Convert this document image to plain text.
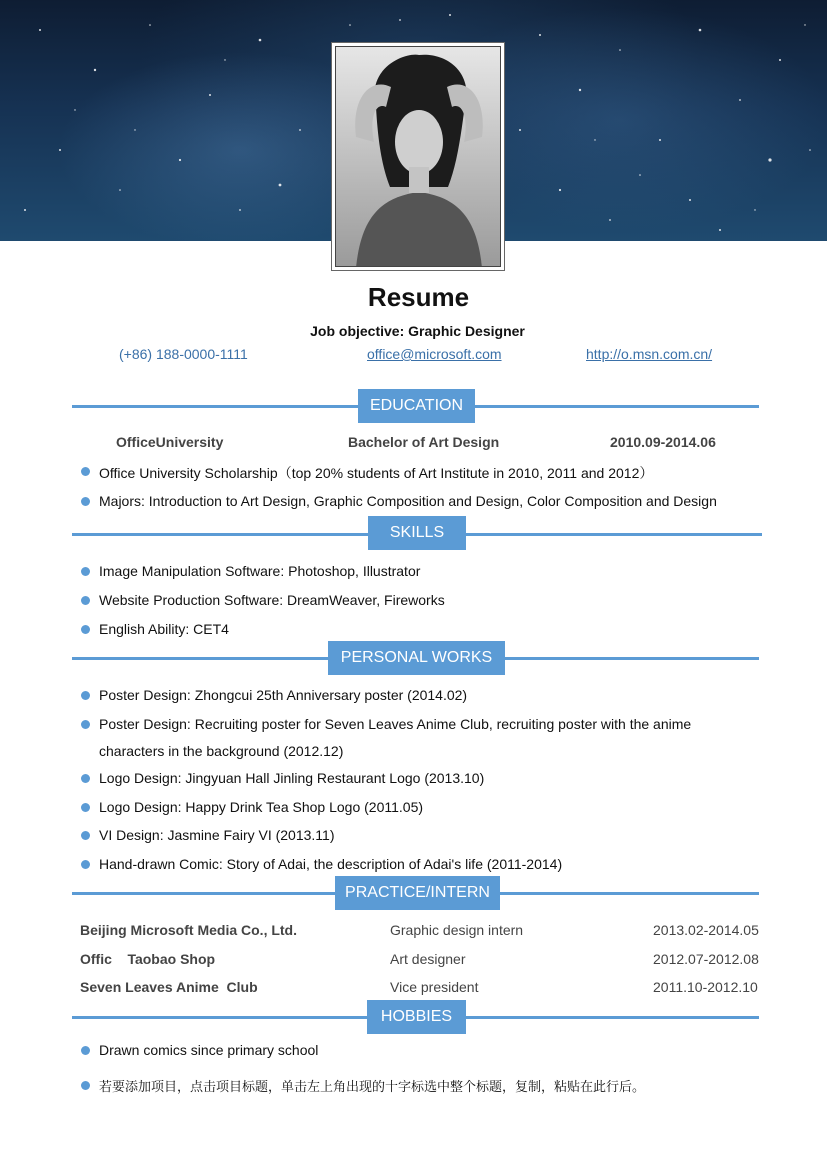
Resume
Job objective: Graphic Designer
(+86) 188-0000-1111	office@microsoft.com	http://o.msn.com.cn/
EDUCATION
OfficeUniversity	Bachelor of Art Design	2010.09-2014.06
Office University Scholarship（top 20% students of Art Institute in 2010, 2011 and 2012）
Majors: Introduction to Art Design, Graphic Composition and Design, Color Composition and Design
SKILLS
Image Manipulation Software: Photoshop, Illustrator
Website Production Software: DreamWeaver, Fireworks
English Ability: CET4
PERSONAL WORKS
Poster Design: Zhongcui 25th Anniversary poster (2014.02)
Poster Design: Recruiting poster for Seven Leaves Anime Club, recruiting poster with the anime
characters in the background (2012.12)
Logo Design: Jingyuan Hall Jinling Restaurant Logo (2013.10)
Logo Design: Happy Drink Tea Shop Logo (2011.05)
VI Design: Jasmine Fairy VI (2013.11)
Hand-drawn Comic: Story of Adai, the description of Adai's life (2011-2014)
PRACTICE/INTERN
Beijing Microsoft Media Co., Ltd.	Graphic design intern	2013.02-2014.05
Offic    Taobao Shop	Art designer	2012.07-2012.08
Seven Leaves Anime  Club	Vice president	2011.10-2012.10
HOBBIES
Drawn comics since primary school
若要添加项目，点击项目标题，单击左上角出现的十字标选中整个标题，复制，粘贴在此行后。
